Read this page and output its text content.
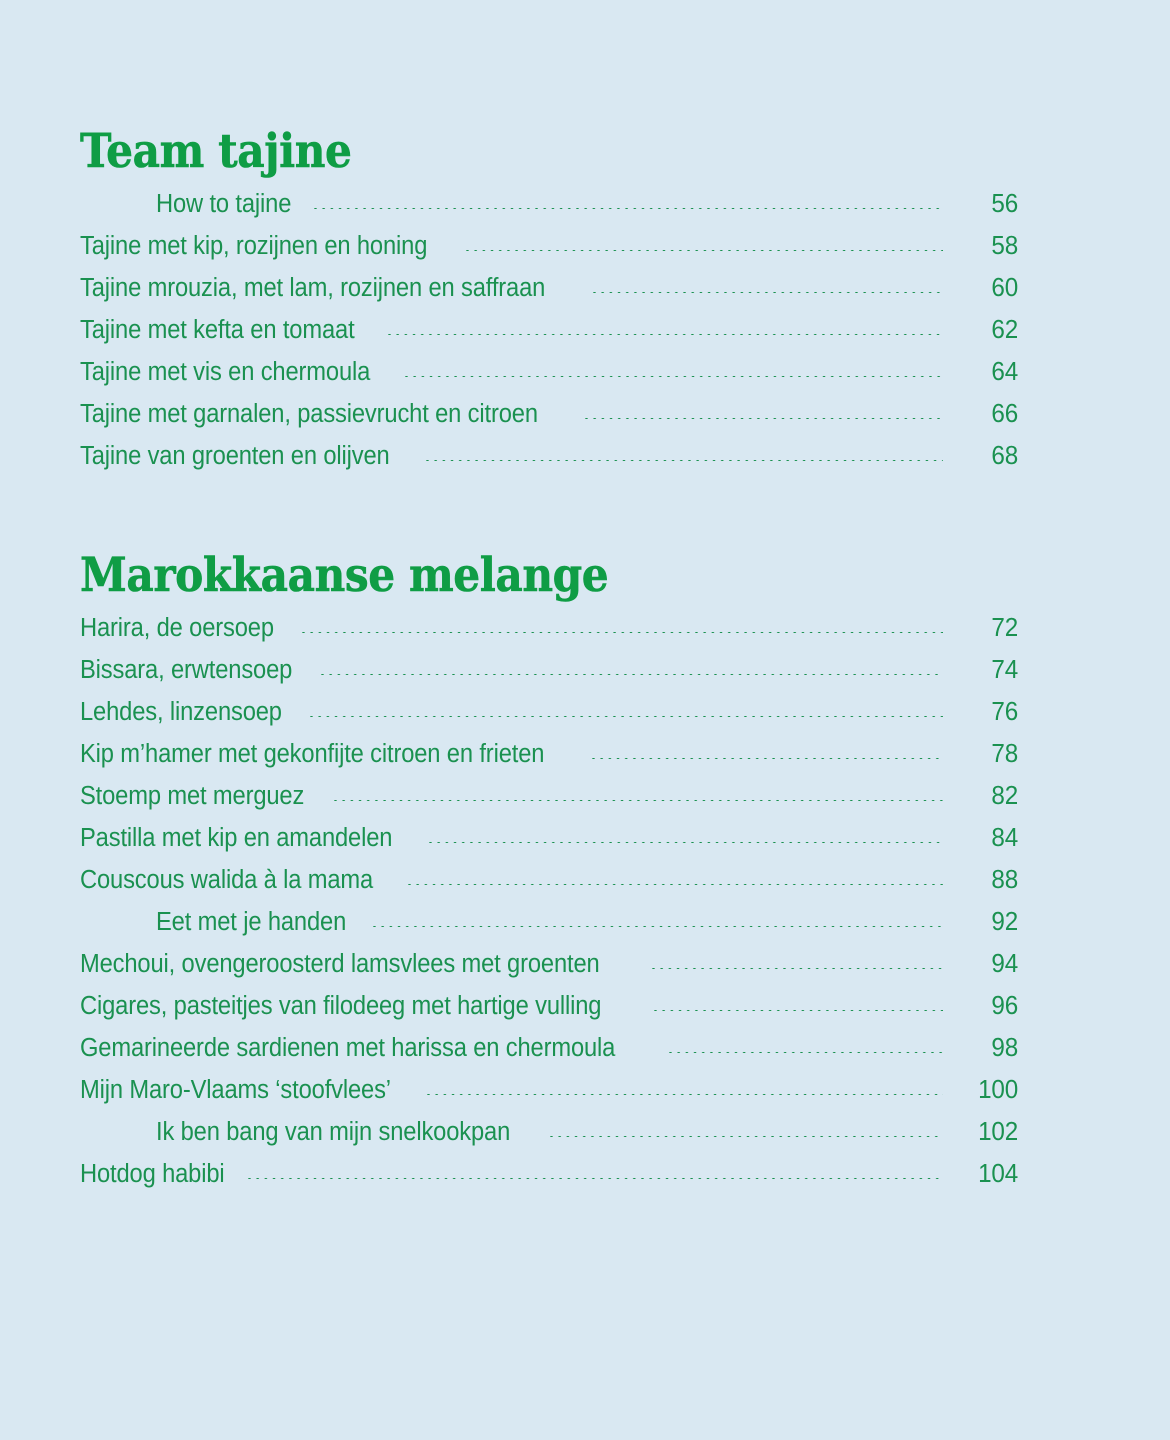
Team tajine
How to tajine	56
Tajine met kip, rozijnen en honing	58
Tajine mrouzia, met lam, rozijnen en saffraan	60
Tajine met kefta en tomaat	62
Tajine met vis en chermoula	64
Tajine met garnalen, passievrucht en citroen	66
Tajine van groenten en olijven	68
Marokkaanse melange
Harira, de oersoep	72
Bissara, erwtensoep	74
Lehdes, linzensoep	76
Kip m’hamer met gekonfijte citroen en frieten	78
Stoemp met merguez	82
Pastilla met kip en amandelen	84
Couscous walida à la mama	88
Eet met je handen	92
Mechoui, ovengeroosterd lamsvlees met groenten	94
Cigares, pasteitjes van filodeeg met hartige vulling	96
Gemarineerde sardienen met harissa en chermoula	98
Mijn Maro-Vlaams ‘stoofvlees’	100
Ik ben bang van mijn snelkookpan	102
Hotdog habibi	104
